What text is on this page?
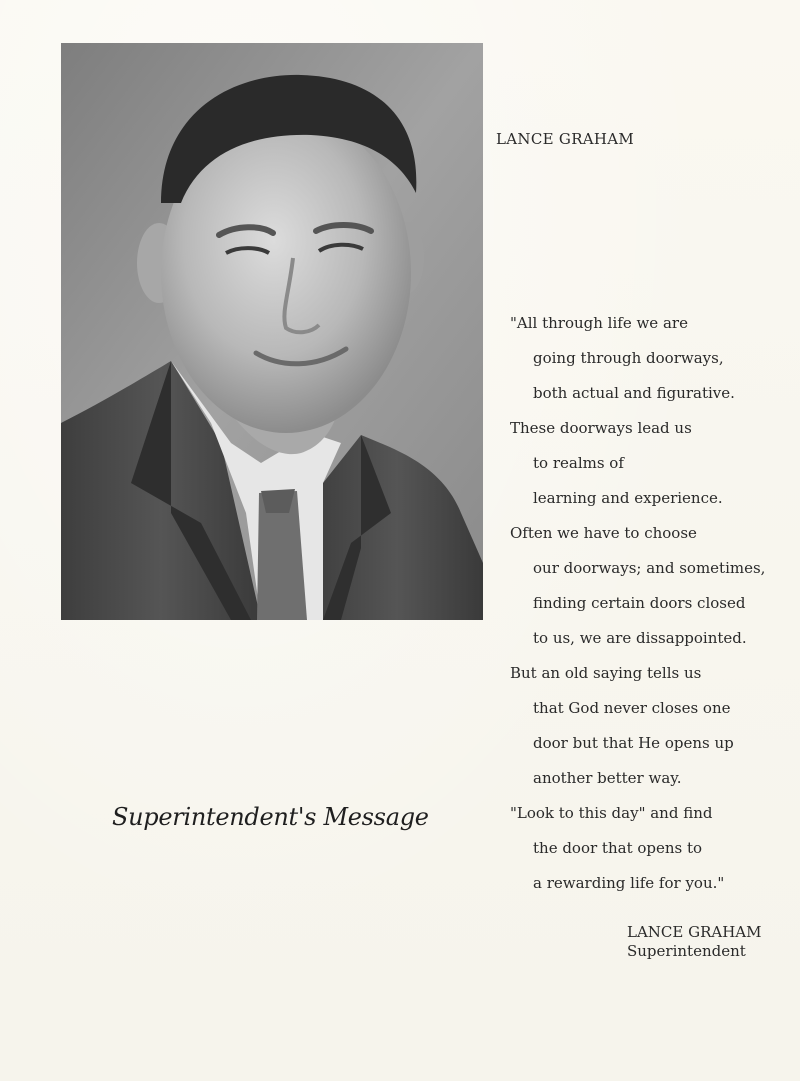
LANCE GRAHAM
"All through life we are
going through doorways,
both actual and figurative.
These doorways lead us
to realms of
learning and experience.
Often we have to choose
our doorways; and sometimes,
finding certain doors closed
to us, we are dissappointed.
But an old saying tells us
that God never closes one
door but that He opens up
another better way.
"Look to this day" and find
the door that opens to
a rewarding life for you."
Superintendent's Message
LANCE GRAHAM
Superintendent
